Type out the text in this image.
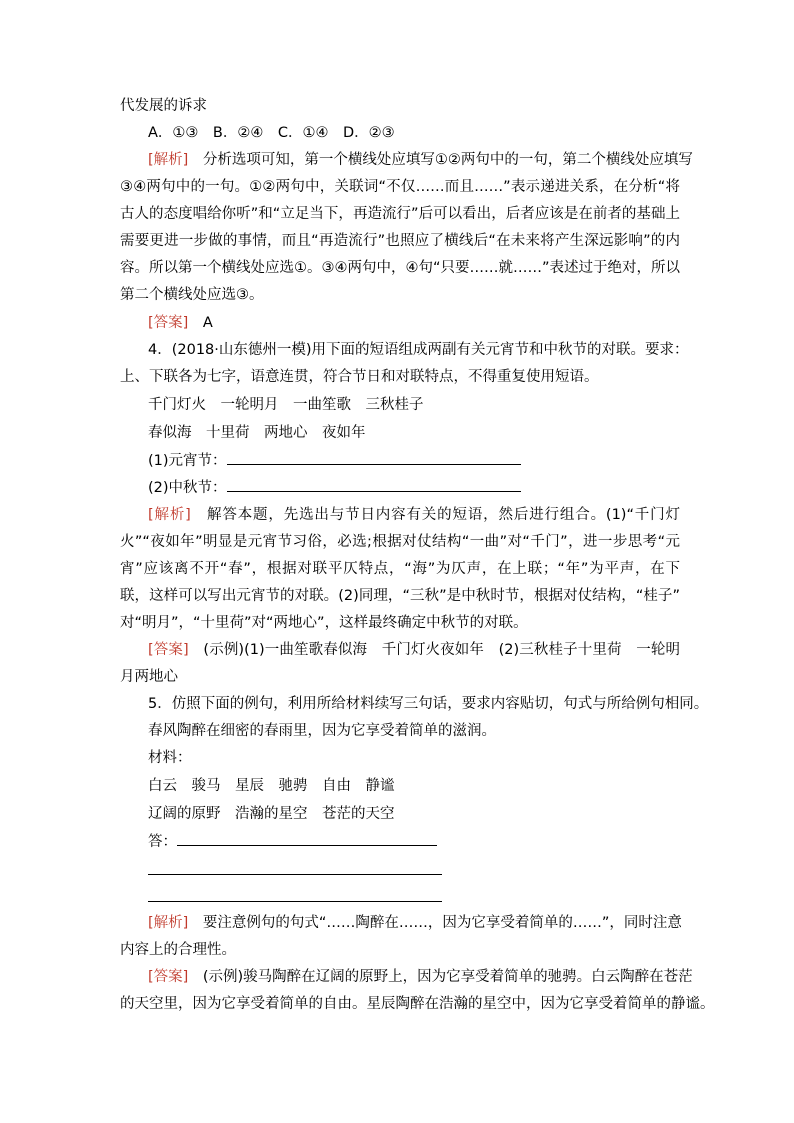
代发展的诉求
A．①③　B．②④　C．①④　D．②③
[解析]　 分析选项可知，第一个横线处应填写①②两句中的一句，第二个横线处应填写
③④两句中的一句。①②两句中，关联词“不仅……而且……”表示递进关系，在分析“将
古人的态度唱给你听”和“立足当下，再造流行”后可以看出，后者应该是在前者的基础上
需要更进一步做的事情，而且“再造流行”也照应了横线后“在未来将产生深远影响”的内
容。所以第一个横线处应选①。③④两句中，④句“只要……就……”表述过于绝对，所以
第二个横线处应选③。
[答案]　 A
4．(2018·山东德州一模)用下面的短语组成两副有关元宵节和中秋节的对联。要求：
上、下联各为七字，语意连贯，符合节日和对联特点，不得重复使用短语。
千门灯火　一轮明月　一曲笙歌　三秋桂子
春似海　十里荷　两地心　夜如年
(1)元宵节：
(2)中秋节：
[解析]　 解答本题，先选出与节日内容有关的短语，然后进行组合。(1)“千门灯
火”“夜如年”明显是元宵节习俗，必选;根据对仗结构“一曲”对“千门”，进一步思考“元
宵”应该离不开“春”，根据对联平仄特点，“海”为仄声，在上联；“年”为平声，在下
联，这样可以写出元宵节的对联。(2)同理，“三秋”是中秋时节，根据对仗结构，“桂子”
对“明月”，“十里荷”对“两地心”，这样最终确定中秋节的对联。
[答案]　 (示例)(1)一曲笙歌春似海　千门灯火夜如年　(2)三秋桂子十里荷　一轮明
月两地心
5．仿照下面的例句，利用所给材料续写三句话，要求内容贴切，句式与所给例句相同。
春风陶醉在细密的春雨里，因为它享受着简单的滋润。
材料：
白云　骏马　星辰　驰骋　自由　静谧
辽阔的原野　浩瀚的星空　苍茫的天空
答：
[解析]　 要注意例句的句式“……陶醉在……，因为它享受着简单的……”，同时注意
内容上的合理性。
[答案]　 (示例)骏马陶醉在辽阔的原野上，因为它享受着简单的驰骋。白云陶醉在苍茫
的天空里，因为它享受着简单的自由。星辰陶醉在浩瀚的星空中，因为它享受着简单的静谧。
